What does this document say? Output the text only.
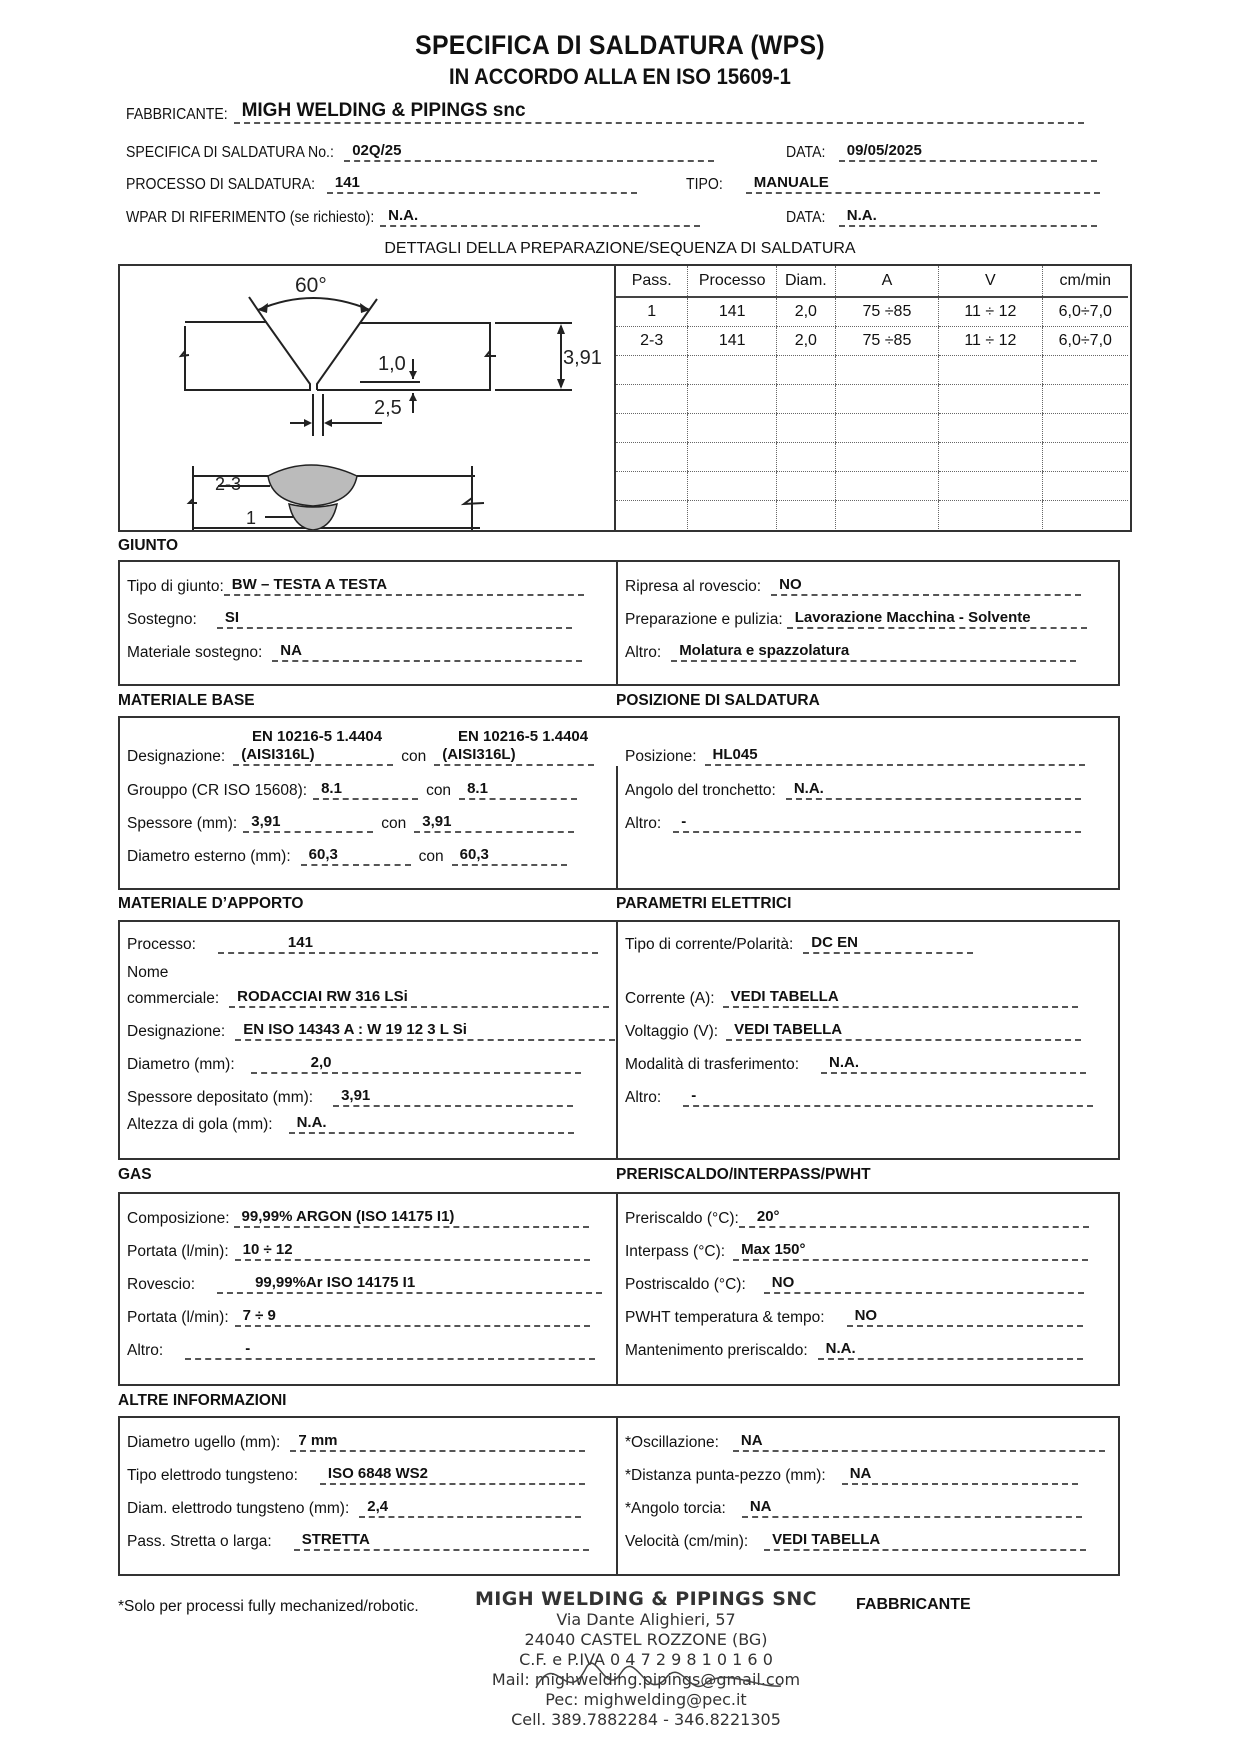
SPECIFICA DI SALDATURA (WPS)
IN ACCORDO ALLA EN ISO 15609-1
FABBRICANTE: MIGH WELDING & PIPINGS snc
SPECIFICA DI SALDATURA No.: 02Q/25	DATA: 09/05/2025
PROCESSO DI SALDATURA: 141	TIPO: MANUALE
WPAR DI RIFERIMENTO (se richiesto): N.A.	DATA: N.A.
DETTAGLI DELLA PREPARAZIONE/SEQUENZA DI SALDATURA
60°
1,0
2,5
3,91
2-3
1
Pass.	Processo	Diam.	A	V	cm/min
1	141	2,0	75 ÷85	11 ÷ 12	6,0÷7,0
2-3	141	2,0	75 ÷85	11 ÷ 12	6,0÷7,0

GIUNTO
Tipo di giunto: BW – TESTA A TESTA
Sostegno: SI
Materiale sostegno: NA
Ripresa al rovescio: NO
Preparazione e pulizia: Lavorazione Macchina - Solvente
Altro: Molatura e spazzolatura
MATERIALE BASE	POSIZIONE DI SALDATURA
EN 10216-5 1.4404	EN 10216-5 1.4404
Designazione: (AISI316L)	con (AISI316L)
Grouppo (CR ISO 15608): 8.1	con 8.1
Spessore (mm): 3,91	con 3,91
Diametro esterno (mm): 60,3	con 60,3
Posizione: HL045
Angolo del tronchetto: N.A.
Altro: -
MATERIALE D’APPORTO	PARAMETRI ELETTRICI
Processo:	141
Nome
commerciale: RODACCIAI RW 316 LSi
Designazione: EN ISO 14343 A : W 19 12 3 L Si
Diametro (mm):	2,0
Spessore depositato (mm): 3,91
Altezza di gola (mm): N.A.
Tipo di corrente/Polarità: DC EN
Corrente (A): VEDI TABELLA
Voltaggio (V): VEDI TABELLA
Modalità di trasferimento: N.A.
Altro: -
GAS	PRERISCALDO/INTERPASS/PWHT
Composizione: 99,99% ARGON (ISO 14175 I1)
Portata (l/min): 10 ÷ 12
Rovescio:	99,99%Ar ISO 14175 I1
Portata (l/min): 7 ÷ 9
Altro:	-
Preriscaldo (°C): 20°
Interpass (°C): Max 150°
Postriscaldo (°C): NO
PWHT temperatura & tempo: NO
Mantenimento preriscaldo: N.A.
ALTRE INFORMAZIONI
Diametro ugello (mm): 7 mm
Tipo elettrodo tungsteno: ISO 6848 WS2
Diam. elettrodo tungsteno (mm): 2,4
Pass. Stretta o larga: STRETTA
*Oscillazione: NA
*Distanza punta-pezzo (mm): NA
*Angolo torcia: NA
Velocità (cm/min): VEDI TABELLA
*Solo per processi fully mechanized/robotic.	FABBRICANTE
MIGH WELDING & PIPINGS SNC
Via Dante Alighieri, 57
24040 CASTEL ROZZONE (BG)
C.F. e P.IVA 0 4 7 2 9 8 1 0 1 6 0
Mail: mighwelding.pipings@gmail.com
Pec: mighwelding@pec.it
Cell. 389.7882284 - 346.8221305
